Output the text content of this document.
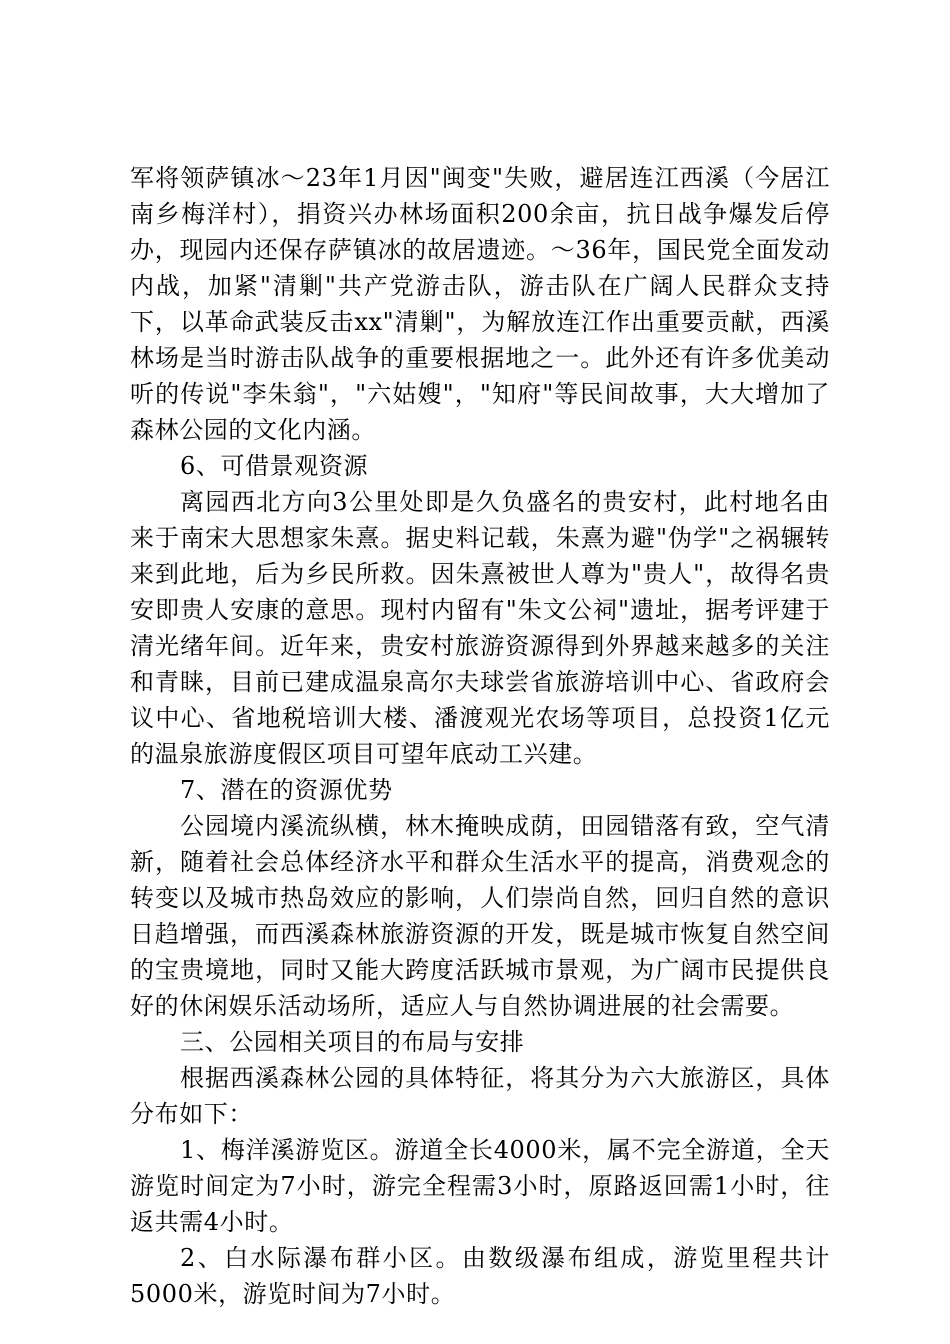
军将领萨镇冰～23年1月因"闽变"失败，避居连江西溪（今居江南乡梅洋村），捐资兴办林场面积200余亩，抗日战争爆发后停办，现园内还保存萨镇冰的故居遗迹。～36年，国民党全面发动内战，加紧"清剿"共产党游击队，游击队在广阔人民群众支持下，以革命武装反击xx"清剿"，为解放连江作出重要贡献，西溪林场是当时游击队战争的重要根据地之一。此外还有许多优美动听的传说"李朱翁"，"六姑嫂"，"知府"等民间故事，大大增加了森林公园的文化内涵。

6、可借景观资源

离园西北方向3公里处即是久负盛名的贵安村，此村地名由来于南宋大思想家朱熹。据史料记载，朱熹为避"伪学"之祸辗转来到此地，后为乡民所救。因朱熹被世人尊为"贵人"，故得名贵安即贵人安康的意思。现村内留有"朱文公祠"遗址，据考评建于清光绪年间。近年来，贵安村旅游资源得到外界越来越多的关注和青睐，目前已建成温泉高尔夫球尝省旅游培训中心、省政府会议中心、省地税培训大楼、潘渡观光农场等项目，总投资1亿元的温泉旅游度假区项目可望年底动工兴建。

7、潜在的资源优势

公园境内溪流纵横，林木掩映成荫，田园错落有致，空气清新，随着社会总体经济水平和群众生活水平的提高，消费观念的转变以及城市热岛效应的影响，人们崇尚自然，回归自然的意识日趋增强，而西溪森林旅游资源的开发，既是城市恢复自然空间的宝贵境地，同时又能大跨度活跃城市景观，为广阔市民提供良好的休闲娱乐活动场所，适应人与自然协调进展的社会需要。

三、公园相关项目的布局与安排

根据西溪森林公园的具体特征，将其分为六大旅游区，具体分布如下：

1、梅洋溪游览区。游道全长4000米，属不完全游道，全天游览时间定为7小时，游完全程需3小时，原路返回需1小时，往返共需4小时。

2、白水际瀑布群小区。由数级瀑布组成，游览里程共计5000米，游览时间为7小时。
